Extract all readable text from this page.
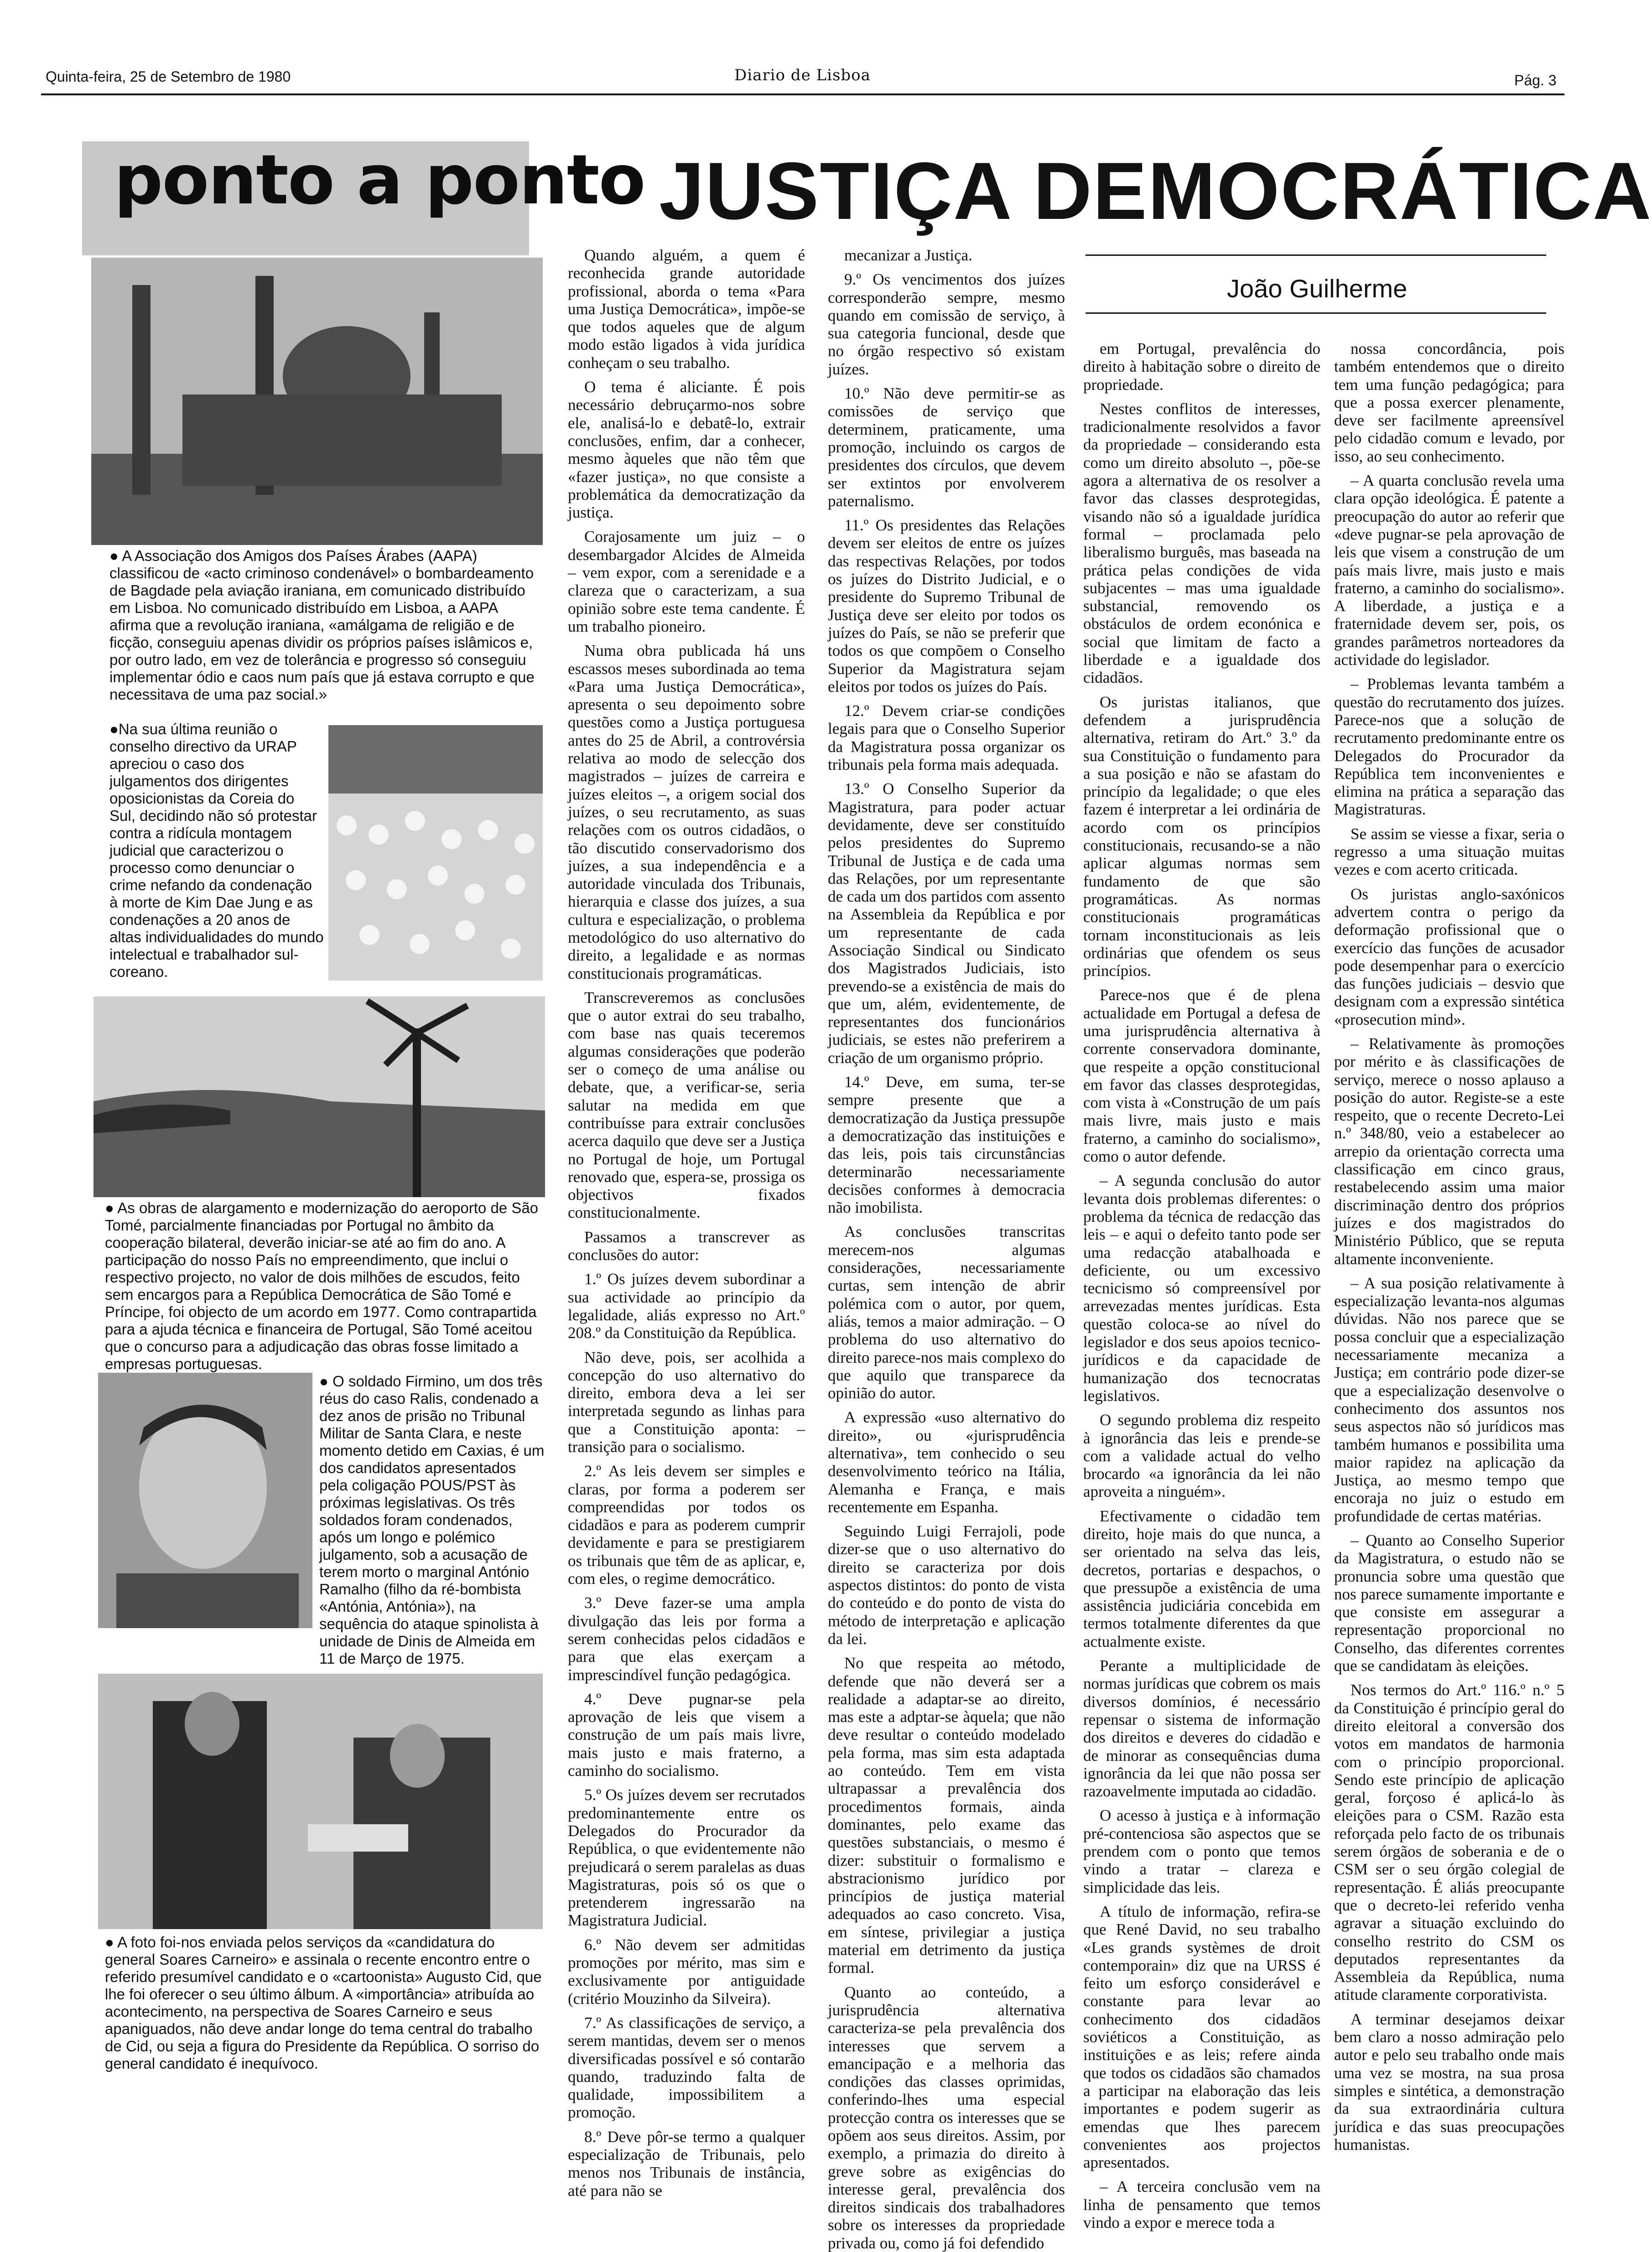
Quinta-feira, 25 de Setembro de 1980	Diario de Lisboa	Pág. 3
ponto a ponto JUSTIÇA DEMOCRÁTICA
João Guilherme

● A Associação dos Amigos dos Países Árabes (AAPA) classificou de «acto criminoso condenável» o bombardeamento de Bagdade pela aviação iraniana, em comunicado distribuído em Lisboa. No comunicado distribuído em Lisboa, a AAPA afirma que a revolução iraniana, «amálgama de religião e de ficção, conseguiu apenas dividir os próprios países islâmicos e, por outro lado, em vez de tolerância e progresso só conseguiu implementar ódio e caos num país que já estava corrupto e que necessitava de uma paz social.»

●Na sua última reunião o conselho directivo da URAP apreciou o caso dos julgamentos dos dirigentes oposicionistas da Coreia do Sul, decidindo não só protestar contra a ridícula montagem judicial que caracterizou o processo como denunciar o crime nefando da condenação à morte de Kim Dae Jung e as condenações a 20 anos de altas individualidades do mundo intelectual e trabalhador sul-coreano.

● As obras de alargamento e modernização do aeroporto de São Tomé, parcialmente financiadas por Portugal no âmbito da cooperação bilateral, deverão iniciar-se até ao fim do ano. A participação do nosso País no empreendimento, que inclui o respectivo projecto, no valor de dois milhões de escudos, feito sem encargos para a República Democrática de São Tomé e Príncipe, foi objecto de um acordo em 1977. Como contrapartida para a ajuda técnica e financeira de Portugal, São Tomé aceitou que o concurso para a adjudicação das obras fosse limitado a empresas portuguesas.

● O soldado Firmino, um dos três réus do caso Ralis, condenado a dez anos de prisão no Tribunal Militar de Santa Clara, e neste momento detido em Caxias, é um dos candidatos apresentados pela coligação POUS/PST às próximas legislativas. Os três soldados foram condenados, após um longo e polémico julgamento, sob a acusação de terem morto o marginal António Ramalho (filho da ré-bombista «Antónia, Antónia»), na sequência do ataque spinolista à unidade de Dinis de Almeida em 11 de Março de 1975.

● A foto foi-nos enviada pelos serviços da «candidatura do general Soares Carneiro» e assinala o recente encontro entre o referido presumível candidato e o «cartoonista» Augusto Cid, que lhe foi oferecer o seu último álbum. A «importância» atribuída ao acontecimento, na perspectiva de Soares Carneiro e seus apaniguados, não deve andar longe do tema central do trabalho de Cid, ou seja a figura do Presidente da República. O sorriso do general candidato é inequívoco.

Quando alguém, a quem é reconhecida grande autoridade profissional, aborda o tema «Para uma Justiça Democrática», impõe-se que todos aqueles que de algum modo estão ligados à vida jurídica conheçam o seu trabalho.

O tema é aliciante. É pois necessário debruçarmo-nos sobre ele, analisá-lo e debatê-lo, extrair conclusões, enfim, dar a conhecer, mesmo àqueles que não têm que «fazer justiça», no que consiste a problemática da democratização da justiça.

Corajosamente um juiz – o desembargador Alcides de Almeida – vem expor, com a serenidade e a clareza que o caracterizam, a sua opinião sobre este tema candente. É um trabalho pioneiro.

Numa obra publicada há uns escassos meses subordinada ao tema «Para uma Justiça Democrática», apresenta o seu depoimento sobre questões como a Justiça portuguesa antes do 25 de Abril, a controvérsia relativa ao modo de selecção dos magistrados – juízes de carreira e juízes eleitos –, a origem social dos juízes, o seu recrutamento, as suas relações com os outros cidadãos, o tão discutido conservadorismo dos juízes, a sua independência e a autoridade vinculada dos Tribunais, hierarquia e classe dos juízes, a sua cultura e especialização, o problema metodológico do uso alternativo do direito, a legalidade e as normas constitucionais programáticas.

Transcreveremos as conclusões que o autor extrai do seu trabalho, com base nas quais teceremos algumas considerações que poderão ser o começo de uma análise ou debate, que, a verificar-se, seria salutar na medida em que contribuísse para extrair conclusões acerca daquilo que deve ser a Justiça no Portugal de hoje, um Portugal renovado que, espera-se, prossiga os objectivos fixados constitucionalmente.

Passamos a transcrever as conclusões do autor:

1.º Os juízes devem subordinar a sua actividade ao princípio da legalidade, aliás expresso no Art.º 208.º da Constituição da República.

Não deve, pois, ser acolhida a concepção do uso alternativo do direito, embora deva a lei ser interpretada segundo as linhas para que a Constituição aponta: – transição para o socialismo.

2.º As leis devem ser simples e claras, por forma a poderem ser compreendidas por todos os cidadãos e para as poderem cumprir devidamente e para se prestigiarem os tribunais que têm de as aplicar, e, com eles, o regime democrático.

3.º Deve fazer-se uma ampla divulgação das leis por forma a serem conhecidas pelos cidadãos e para que elas exerçam a imprescindível função pedagógica.

4.º Deve pugnar-se pela aprovação de leis que visem a construção de um país mais livre, mais justo e mais fraterno, a caminho do socialismo.

5.º Os juízes devem ser recrutados predominantemente entre os Delegados do Procurador da República, o que evidentemente não prejudicará o serem paralelas as duas Magistraturas, pois só os que o pretenderem ingressarão na Magistratura Judicial.

6.º Não devem ser admitidas promoções por mérito, mas sim e exclusivamente por antiguidade (critério Mouzinho da Silveira).

7.º As classificações de serviço, a serem mantidas, devem ser o menos diversificadas possível e só contarão quando, traduzindo falta de qualidade, impossibilitem a promoção.

8.º Deve pôr-se termo a qualquer especialização de Tribunais, pelo menos nos Tribunais de instância, até para não se

mecanizar a Justiça.

9.º Os vencimentos dos juízes corresponderão sempre, mesmo quando em comissão de serviço, à sua categoria funcional, desde que no órgão respectivo só existam juízes.

10.º Não deve permitir-se as comissões de serviço que determinem, praticamente, uma promoção, incluindo os cargos de presidentes dos círculos, que devem ser extintos por envolverem paternalismo.

11.º Os presidentes das Relações devem ser eleitos de entre os juízes das respectivas Relações, por todos os juízes do Distrito Judicial, e o presidente do Supremo Tribunal de Justiça deve ser eleito por todos os juízes do País, se não se preferir que todos os que compõem o Conselho Superior da Magistratura sejam eleitos por todos os juízes do País.

12.º Devem criar-se condições legais para que o Conselho Superior da Magistratura possa organizar os tribunais pela forma mais adequada.

13.º O Conselho Superior da Magistratura, para poder actuar devidamente, deve ser constituído pelos presidentes do Supremo Tribunal de Justiça e de cada uma das Relações, por um representante de cada um dos partidos com assento na Assembleia da República e por um representante de cada Associação Sindical ou Sindicato dos Magistrados Judiciais, isto prevendo-se a existência de mais do que um, além, evidentemente, de representantes dos funcionários judiciais, se estes não preferirem a criação de um organismo próprio.

14.º Deve, em suma, ter-se sempre presente que a democratização da Justiça pressupõe a democratização das instituições e das leis, pois tais circunstâncias determinarão necessariamente decisões conformes à democracia não imobilista.

As conclusões transcritas merecem-nos algumas considerações, necessariamente curtas, sem intenção de abrir polémica com o autor, por quem, aliás, temos a maior admiração. – O problema do uso alternativo do direito parece-nos mais complexo do que aquilo que transparece da opinião do autor.

A expressão «uso alternativo do direito», ou «jurisprudência alternativa», tem conhecido o seu desenvolvimento teórico na Itália, Alemanha e França, e mais recentemente em Espanha.

Seguindo Luigi Ferrajoli, pode dizer-se que o uso alternativo do direito se caracteriza por dois aspectos distintos: do ponto de vista do conteúdo e do ponto de vista do método de interpretação e aplicação da lei.

No que respeita ao método, defende que não deverá ser a realidade a adaptar-se ao direito, mas este a adptar-se àquela; que não deve resultar o conteúdo modelado pela forma, mas sim esta adaptada ao conteúdo. Tem em vista ultrapassar a prevalência dos procedimentos formais, ainda dominantes, pelo exame das questões substanciais, o mesmo é dizer: substituir o formalismo e abstracionismo jurídico por princípios de justiça material adequados ao caso concreto. Visa, em síntese, privilegiar a justiça material em detrimento da justiça formal.

Quanto ao conteúdo, a jurisprudência alternativa caracteriza-se pela prevalência dos interesses que servem a emancipação e a melhoria das condições das classes oprimidas, conferindo-lhes uma especial protecção contra os interesses que se opõem aos seus direitos. Assim, por exemplo, a primazia do direito à greve sobre as exigências do interesse geral, prevalência dos direitos sindicais dos trabalhadores sobre os interesses da propriedade privada ou, como já foi defendido

em Portugal, prevalência do direito à habitação sobre o direito de propriedade.

Nestes conflitos de interesses, tradicionalmente resolvidos a favor da propriedade – considerando esta como um direito absoluto –, põe-se agora a alternativa de os resolver a favor das classes desprotegidas, visando não só a igualdade jurídica formal – proclamada pelo liberalismo burguês, mas baseada na prática pelas condições de vida subjacentes – mas uma igualdade substancial, removendo os obstáculos de ordem econónica e social que limitam de facto a liberdade e a igualdade dos cidadãos.

Os juristas italianos, que defendem a jurisprudência alternativa, retiram do Art.º 3.º da sua Constituição o fundamento para a sua posição e não se afastam do princípio da legalidade; o que eles fazem é interpretar a lei ordinária de acordo com os princípios constitucionais, recusando-se a não aplicar algumas normas sem fundamento de que são programáticas. As normas constitucionais programáticas tornam inconstitucionais as leis ordinárias que ofendem os seus princípios.

Parece-nos que é de plena actualidade em Portugal a defesa de uma jurisprudência alternativa à corrente conservadora dominante, que respeite a opção constitucional em favor das classes desprotegidas, com vista à «Construção de um país mais livre, mais justo e mais fraterno, a caminho do socialismo», como o autor defende.

– A segunda conclusão do autor levanta dois problemas diferentes: o problema da técnica de redacção das leis – e aqui o defeito tanto pode ser uma redacção atabalhoada e deficiente, ou um excessivo tecnicismo só compreensível por arrevezadas mentes jurídicas. Esta questão coloca-se ao nível do legislador e dos seus apoios tecnico-jurídicos e da capacidade de humanização dos tecnocratas legislativos.

O segundo problema diz respeito à ignorância das leis e prende-se com a validade actual do velho brocardo «a ignorância da lei não aproveita a ninguém».

Efectivamente o cidadão tem direito, hoje mais do que nunca, a ser orientado na selva das leis, decretos, portarias e despachos, o que pressupõe a existência de uma assistência judiciária concebida em termos totalmente diferentes da que actualmente existe.

Perante a multiplicidade de normas jurídicas que cobrem os mais diversos domínios, é necessário repensar o sistema de informação dos direitos e deveres do cidadão e de minorar as consequências duma ignorância da lei que não possa ser razoavelmente imputada ao cidadão.

O acesso à justiça e à informação pré-contenciosa são aspectos que se prendem com o ponto que temos vindo a tratar – clareza e simplicidade das leis.

A título de informação, refira-se que René David, no seu trabalho «Les grands systèmes de droit contemporain» diz que na URSS é feito um esforço considerável e constante para levar ao conhecimento dos cidadãos soviéticos a Constituição, as instituições e as leis; refere ainda que todos os cidadãos são chamados a participar na elaboração das leis importantes e podem sugerir as emendas que lhes parecem convenientes aos projectos apresentados.

– A terceira conclusão vem na linha de pensamento que temos vindo a expor e merece toda a

nossa concordância, pois também entendemos que o direito tem uma função pedagógica; para que a possa exercer plenamente, deve ser facilmente apreensível pelo cidadão comum e levado, por isso, ao seu conhecimento.

– A quarta conclusão revela uma clara opção ideológica. É patente a preocupação do autor ao referir que «deve pugnar-se pela aprovação de leis que visem a construção de um país mais livre, mais justo e mais fraterno, a caminho do socialismo». A liberdade, a justiça e a fraternidade devem ser, pois, os grandes parâmetros norteadores da actividade do legislador.

– Problemas levanta também a questão do recrutamento dos juízes. Parece-nos que a solução de recrutamento predominante entre os Delegados do Procurador da República tem inconvenientes e elimina na prática a separação das Magistraturas.

Se assim se viesse a fixar, seria o regresso a uma situação muitas vezes e com acerto criticada.

Os juristas anglo-saxónicos advertem contra o perigo da deformação profissional que o exercício das funções de acusador pode desempenhar para o exercício das funções judiciais – desvio que designam com a expressão sintética «prosecution mind».

– Relativamente às promoções por mérito e às classificações de serviço, merece o nosso aplauso a posição do autor. Registe-se a este respeito, que o recente Decreto-Lei n.º 348/80, veio a estabelecer ao arrepio da orientação correcta uma classificação em cinco graus, restabelecendo assim uma maior discriminação dentro dos próprios juízes e dos magistrados do Ministério Público, que se reputa altamente inconveniente.

– A sua posição relativamente à especialização levanta-nos algumas dúvidas. Não nos parece que se possa concluir que a especialização necessariamente mecaniza a Justiça; em contrário pode dizer-se que a especialização desenvolve o conhecimento dos assuntos nos seus aspectos não só jurídicos mas também humanos e possibilita uma maior rapidez na aplicação da Justiça, ao mesmo tempo que encoraja no juiz o estudo em profundidade de certas matérias.

– Quanto ao Conselho Superior da Magistratura, o estudo não se pronuncia sobre uma questão que nos parece sumamente importante e que consiste em assegurar a representação proporcional no Conselho, das diferentes correntes que se candidatam às eleições.

Nos termos do Art.º 116.º n.º 5 da Constituição é princípio geral do direito eleitoral a conversão dos votos em mandatos de harmonia com o princípio proporcional. Sendo este princípio de aplicação geral, forçoso é aplicá-lo às eleições para o CSM. Razão esta reforçada pelo facto de os tribunais serem órgãos de soberania e de o CSM ser o seu órgão colegial de representação. É aliás preocupante que o decreto-lei referido venha agravar a situação excluindo do conselho restrito do CSM os deputados representantes da Assembleia da República, numa atitude claramente corporativista.

A terminar desejamos deixar bem claro a nosso admiração pelo autor e pelo seu trabalho onde mais uma vez se mostra, na sua prosa simples e sintética, a demonstração da sua extraordinária cultura jurídica e das suas preocupações humanistas.
